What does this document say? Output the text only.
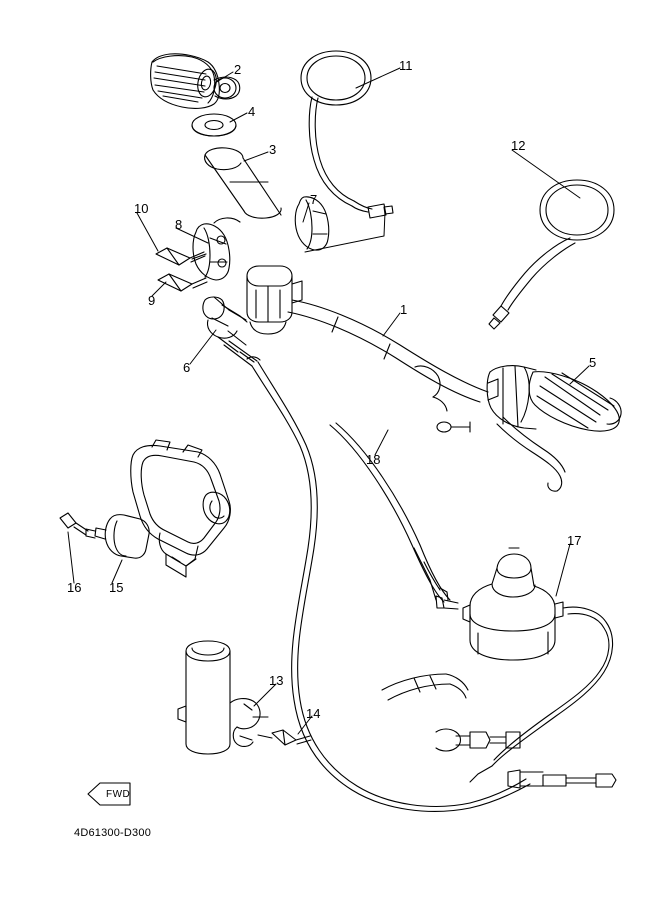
1
2
3
4
5
6
7
8
9
10
11
12
13
14
15
16
17
18
FWD
4D61300-D300
